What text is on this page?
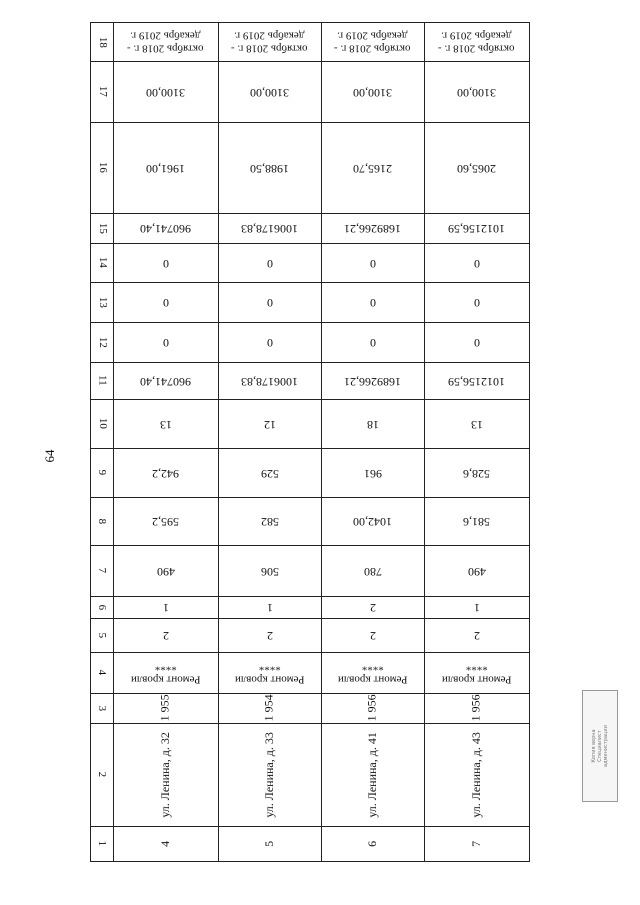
64
1
2
3
4
5
6
7
8
9
10
11
12
13
14
15
16
17
18
4
ул. Ленина, д. 32
1 955
Ремонт кровли
****
2
1
490
595,2
942,2
13
960741,40
0
0
0
960741,40
1961,00
3100,00
октябрь 2018 г. -
декабрь 2019 г.
5
ул. Ленина, д. 33
1 954
Ремонт кровли
****
2
1
506
582
529
12
1006178,83
0
0
0
1006178,83
1988,50
3100,00
октябрь 2018 г. -
декабрь 2019 г.
6
ул. Ленина, д. 41
1 956
Ремонт кровли
****
2
2
780
1042,00
961
18
1689266,21
0
0
0
1689266,21
2165,70
3100,00
октябрь 2018 г. -
декабрь 2019 г.
7
ул. Ленина, д. 43
1 956
Ремонт кровли
****
2
1
490
581,6
528,6
13
1012156,59
0
0
0
1012156,59
2065,60
3100,00
октябрь 2018 г. -
декабрь 2019 г.
Копия верна
Специалист
администрации
